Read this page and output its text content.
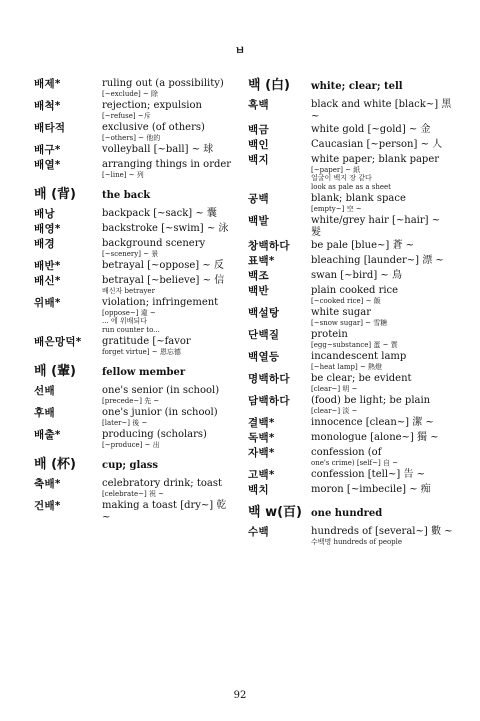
ㅂ
배제*	ruling out (a possibility)
[~exclude] ~ 除
배척*	rejection; expulsion
[~refuse] ~斥
배타적	exclusive (of others)
[~others] ~ 他的
배구*	volleyball [~ball] ~ 球
배열*	arranging things in order
[~line] ~ 列
배 (背)	the back
배낭	backpack [~sack] ~ 囊
배영*	backstroke [~swim] ~ 泳
배경	background scenery
[~scenery] ~ 景
배반*	betrayal [~oppose] ~ 反
배신*	betrayal [~believe] ~ 信
배신자 betrayer
위배*	violation; infringement
[oppose~] 違 ~
... 에 위배되다
run counter to...
배은망덕*	gratitude [~favor
forget virtue] ~ 恩忘德
배 (輩)	fellow member
선배	one's senior (in school)
[precede~] 先 ~
후배	one's junior (in school)
[later~] 後 ~
배출*	producing (scholars)
[~produce] ~ 出
배 (杯)	cup; glass
축배*	celebratory drink; toast
[celebrate~] 祝 ~
건배*	making a toast [dry~] 乾 ~
백 (白)	white; clear; tell
흑백	black and white [black~] 黑 ~
백금	white gold [~gold] ~ 金
백인	Caucasian [~person] ~ 人
백지	white paper; blank paper
[~paper] ~ 紙
얼굴이 백지 장 같다
look as pale as a sheet
공백	blank; blank space
[empty~] 空 ~
백발	white/grey hair [~hair] ~ 髮
창백하다	be pale [blue~] 蒼 ~
표백*	bleaching [launder~] 漂 ~
백조	swan [~bird] ~ 鳥
백반	plain cooked rice
[~cooked rice] ~ 飯
백설탕	white sugar
[~snow sugar] ~ 雪糖
단백질	protein
[egg~substance] 蛋 ~ 質
백열등	incandescent lamp
[~heat lamp] ~ 熱燈
명백하다	be clear; be evident
[clear~] 明 ~
담백하다	(food) be light; be plain
[clear~] 淡 ~
결백*	innocence [clean~] 潔 ~
독백*	monologue [alone~] 獨 ~
자백*	confession (of
one's crime) [self~] 自 ~
고백*	confession [tell~] 告 ~
백치	moron [~imbecile] ~ 痴
백 w(百) one hundred
수백	hundreds of [several~] 數 ~
수백명 hundreds of people
92
